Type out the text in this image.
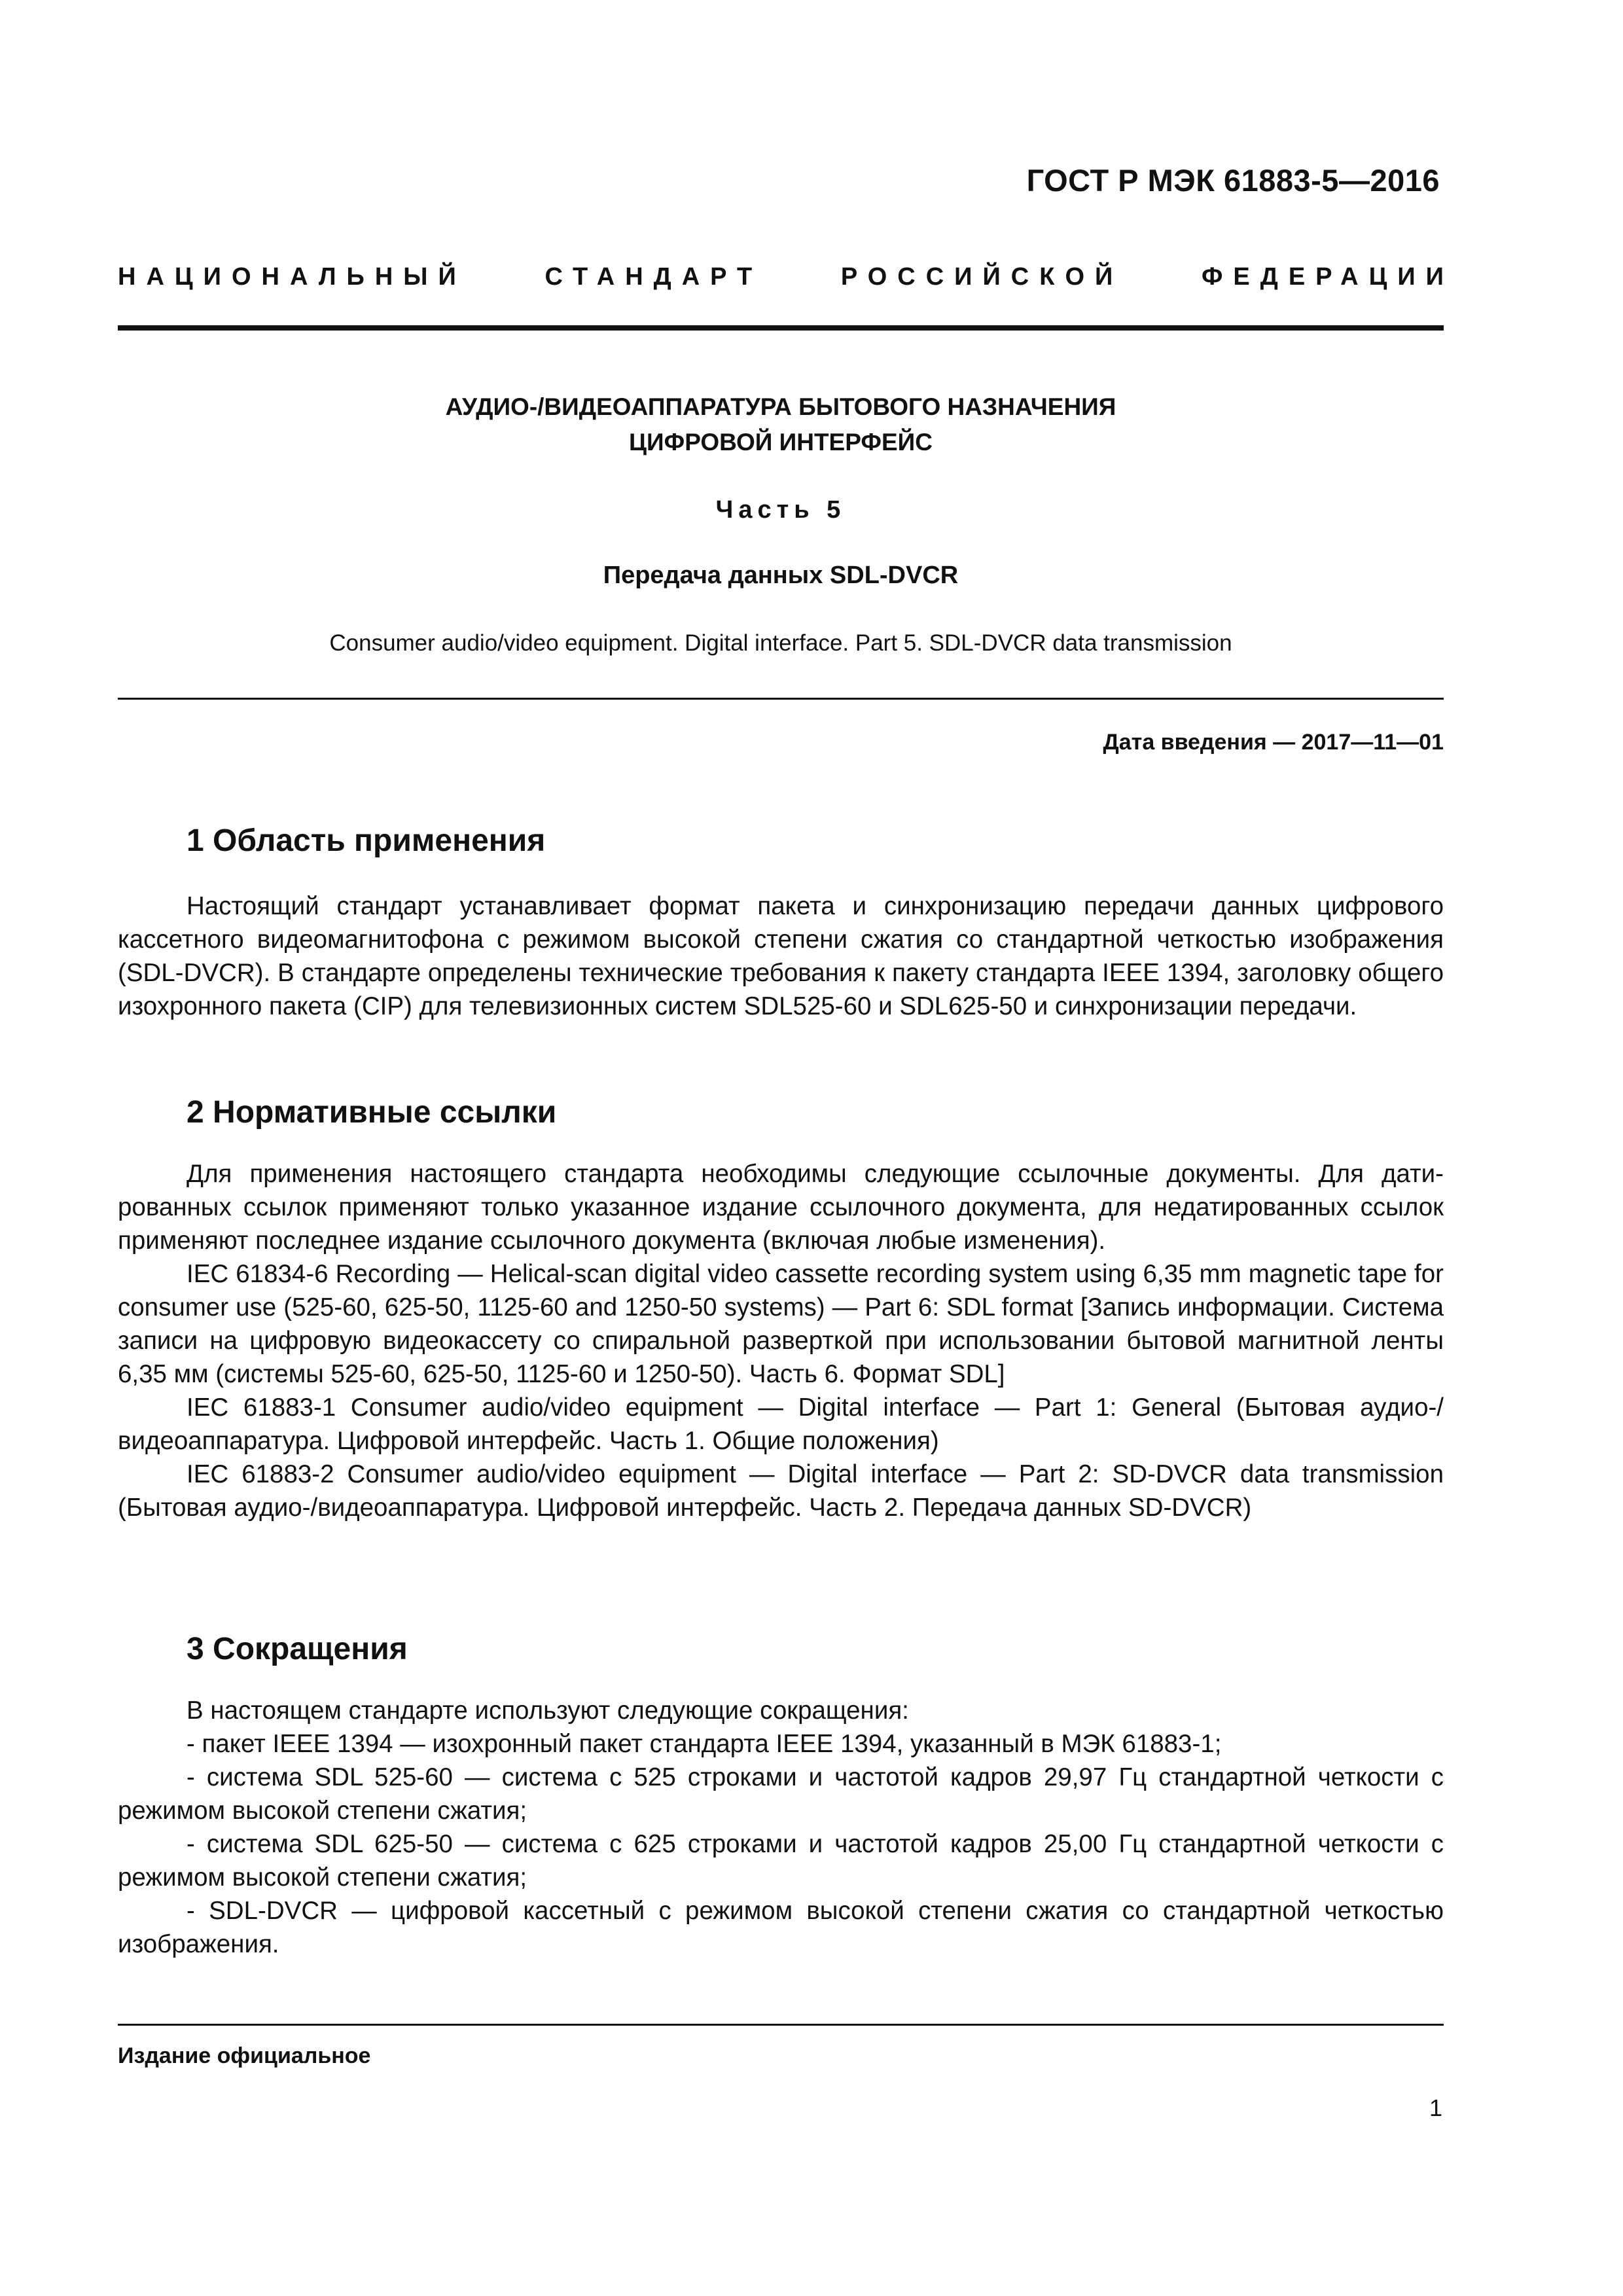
ГОСТ Р МЭК 61883-5—2016
НАЦИОНАЛЬНЫЙ	СТАНДАРТ	РОССИЙСКОЙ	ФЕДЕРАЦИИ
АУДИО-/ВИДЕОАППАРАТУРА БЫТОВОГО НАЗНАЧЕНИЯ
ЦИФРОВОЙ ИНТЕРФЕЙС
Часть 5
Передача данных SDL-DVCR
Consumer audio/video equipment. Digital interface. Part 5. SDL-DVCR data transmission
Дата введения — 2017—11—01
1 Область применения

Настоящий стандарт устанавливает формат пакета и синхронизацию передачи данных цифрового кассетного видеомагнитофона с режимом высокой степени сжатия со стандартной четкостью изображения (SDL-DVCR). В стандарте определены технические требования к пакету стандарта IEEE 1394, заголовку общего изохронного пакета (CIP) для телевизионных систем SDL525-60 и SDL625-50 и синхронизации передачи.

2 Нормативные ссылки

Для применения настоящего стандарта необходимы следующие ссылочные документы. Для датированных ссылок применяют только указанное издание ссылочного документа, для недатированных ссылок применяют последнее издание ссылочного документа (включая любые изменения).

IEC 61834-6 Recording — Helical-scan digital video cassette recording system using 6,35 mm magnetic tape for consumer use (525-60, 625-50, 1125-60 and 1250-50 systems) — Part 6: SDL format [Запись информации. Система записи на цифровую видеокассету со спиральной разверткой при использовании бытовой магнитной ленты 6,35 мм (системы 525-60, 625-50, 1125-60 и 1250-50). Часть 6. Формат SDL]

IEC 61883-1 Consumer audio/video equipment — Digital interface — Part 1: General (Бытовая аудио-/видеоаппаратура. Цифровой интерфейс. Часть 1. Общие положения)

IEC 61883-2 Consumer audio/video equipment — Digital interface — Part 2: SD-DVCR data transmission (Бытовая аудио-/видеоаппаратура. Цифровой интерфейс. Часть 2. Передача данных SD-DVCR)

3 Сокращения

В настоящем стандарте используют следующие сокращения:

- пакет IEEE 1394 — изохронный пакет стандарта IEEE 1394, указанный в МЭК 61883-1;

- система SDL 525-60 — система с 525 строками и частотой кадров 29,97 Гц стандартной четкости с режимом высокой степени сжатия;

- система SDL 625-50 — система с 625 строками и частотой кадров 25,00 Гц стандартной четкости с режимом высокой степени сжатия;

- SDL-DVCR — цифровой кассетный с режимом высокой степени сжатия со стандартной четкостью изображения.

Издание официальное
1
